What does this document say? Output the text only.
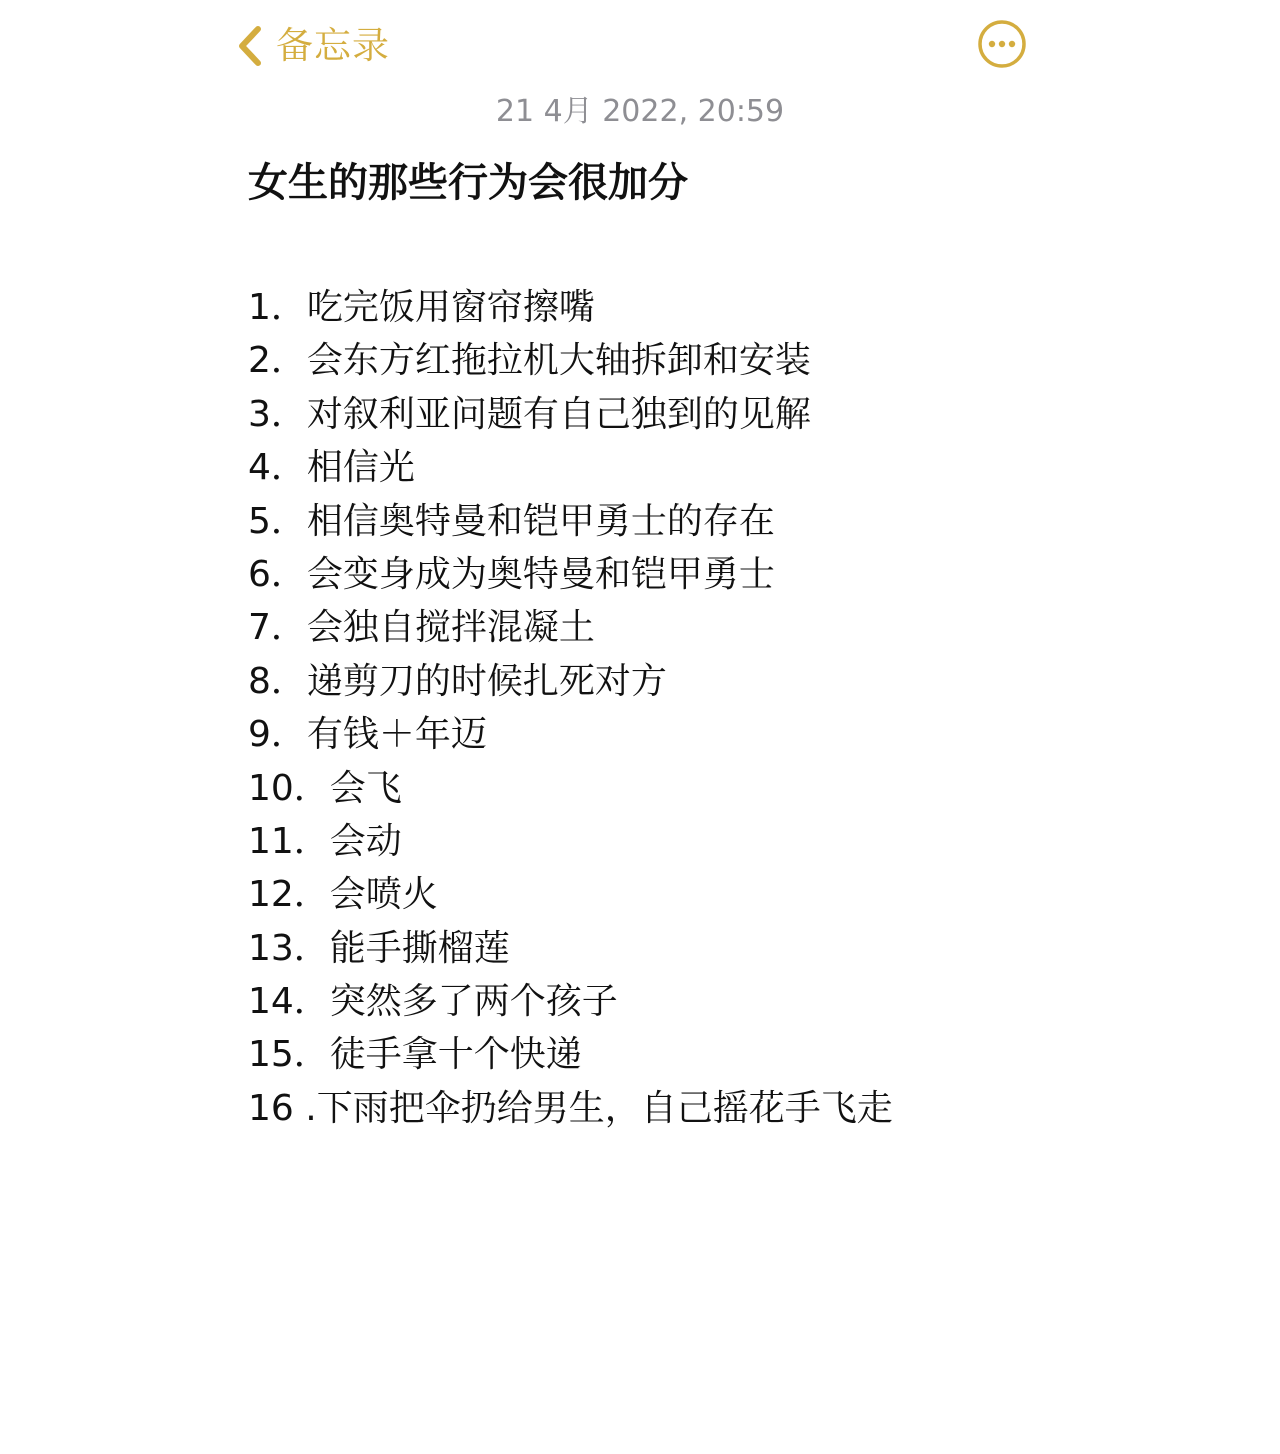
备忘录
21 4月 2022, 20:59
女生的那些行为会很加分
1．吃完饭用窗帘擦嘴
2．会东方红拖拉机大轴拆卸和安装
3．对叙利亚问题有自己独到的见解
4．相信光
5．相信奥特曼和铠甲勇士的存在
6．会变身成为奥特曼和铠甲勇士
7．会独自搅拌混凝土
8．递剪刀的时候扎死对方
9．有钱＋年迈
10．会飞
11．会动
12．会喷火
13．能手撕榴莲
14．突然多了两个孩子
15．徒手拿十个快递
16 .下雨把伞扔给男生，自己摇花手飞走
